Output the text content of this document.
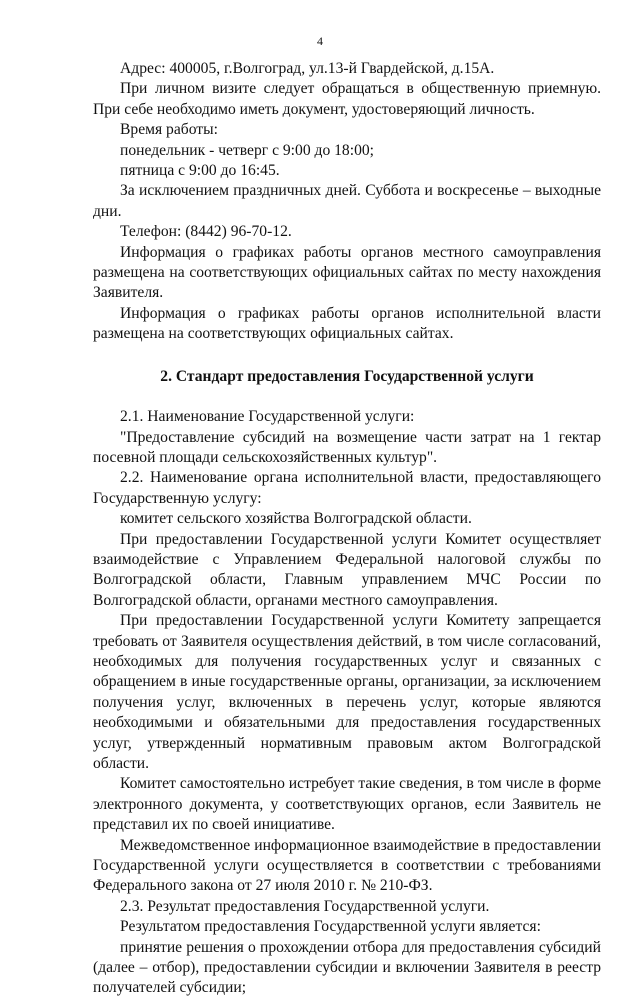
4

Адрес: 400005, г.Волгоград, ул.13-й Гвардейской, д.15А.

При личном визите следует обращаться в общественную приемную. При себе необходимо иметь документ, удостоверяющий личность.

Время работы:

понедельник - четверг с 9:00 до 18:00;

пятница с 9:00 до 16:45.

За исключением праздничных дней. Суббота и воскресенье – выходные дни.

Телефон: (8442) 96-70-12.

Информация о графиках работы органов местного самоуправления размещена на соответствующих официальных сайтах по месту нахождения Заявителя.

Информация о графиках работы органов исполнительной власти размещена на соответствующих официальных сайтах.

2. Стандарт предоставления Государственной услуги

2.1. Наименование Государственной услуги:

"Предоставление субсидий на возмещение части затрат на 1 гектар посевной площади сельскохозяйственных культур".

2.2. Наименование органа исполнительной власти, предоставляющего Государственную услугу:

комитет сельского хозяйства Волгоградской области.

При предоставлении Государственной услуги Комитет осуществляет взаимодействие с Управлением Федеральной налоговой службы по Волгоградской области, Главным управлением МЧС России по Волгоградской области, органами местного самоуправления.

При предоставлении Государственной услуги Комитету запрещается требовать от Заявителя осуществления действий, в том числе согласований, необходимых для получения государственных услуг и связанных с обращением в иные государственные органы, организации, за исключением получения услуг, включенных в перечень услуг, которые являются необходимыми и обязательными для предоставления государственных услуг, утвержденный нормативным правовым актом Волгоградской области.

Комитет самостоятельно истребует такие сведения, в том числе в форме электронного документа, у соответствующих органов, если Заявитель не представил их по своей инициативе.

Межведомственное информационное взаимодействие в предоставлении Государственной услуги осуществляется в соответствии с требованиями Федерального закона от 27 июля 2010 г. № 210-ФЗ.

2.3. Результат предоставления Государственной услуги.

Результатом предоставления Государственной услуги является:

принятие решения о прохождении отбора для предоставления субсидий (далее – отбор), предоставлении субсидии и включении Заявителя в реестр получателей субсидии;
